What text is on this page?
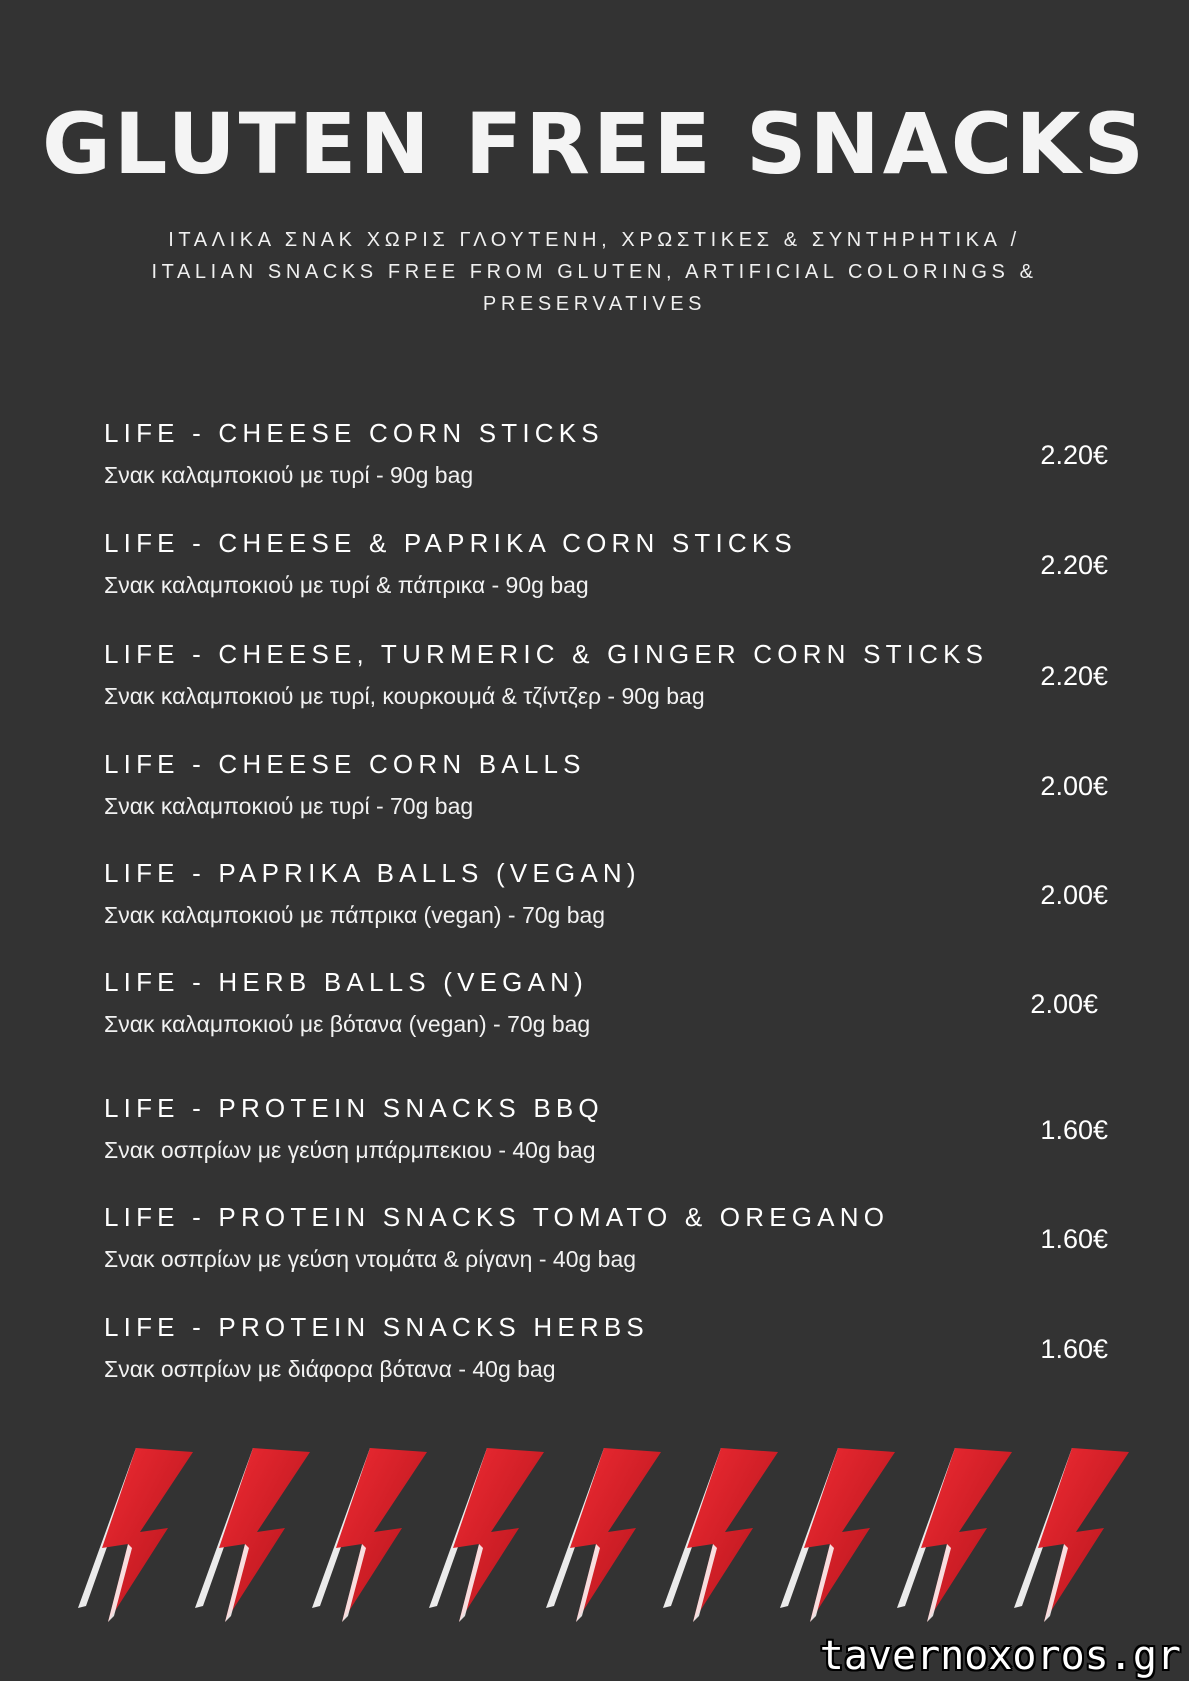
GLUTEN FREE SNACKS
ΙΤΑΛΙΚΑ ΣΝΑΚ ΧΩΡΙΣ ΓΛΟΥΤΕΝΗ, ΧΡΩΣΤΙΚΕΣ & ΣΥΝΤΗΡΗΤΙΚΑ /
ITALIAN SNACKS FREE FROM GLUTEN, ARTIFICIAL COLORINGS &
PRESERVATIVES
LIFE - CHEESE CORN STICKS
Σνακ καλαμποκιού με τυρί - 90g bag
2.20€
LIFE - CHEESE & PAPRIKA CORN STICKS
Σνακ καλαμποκιού με τυρί & πάπρικα - 90g bag
2.20€
LIFE - CHEESE, TURMERIC & GINGER CORN STICKS
Σνακ καλαμποκιού με τυρί, κουρκουμά & τζίντζερ - 90g bag
2.20€
LIFE - CHEESE CORN BALLS
Σνακ καλαμποκιού με τυρί - 70g bag
2.00€
LIFE - PAPRIKA BALLS (VEGAN)
Σνακ καλαμποκιού με πάπρικα (vegan) - 70g bag
2.00€
LIFE - HERB BALLS (VEGAN)
Σνακ καλαμποκιού με βότανα (vegan) - 70g bag
2.00€
LIFE - PROTEIN SNACKS BBQ
Σνακ οσπρίων με γεύση μπάρμπεκιου - 40g bag
1.60€
LIFE - PROTEIN SNACKS TOMATO & OREGANO
Σνακ οσπρίων με γεύση ντομάτα & ρίγανη - 40g bag
1.60€
LIFE - PROTEIN SNACKS HERBS
Σνακ οσπρίων με διάφορα βότανα - 40g bag
1.60€
tavernoxoros.gr
